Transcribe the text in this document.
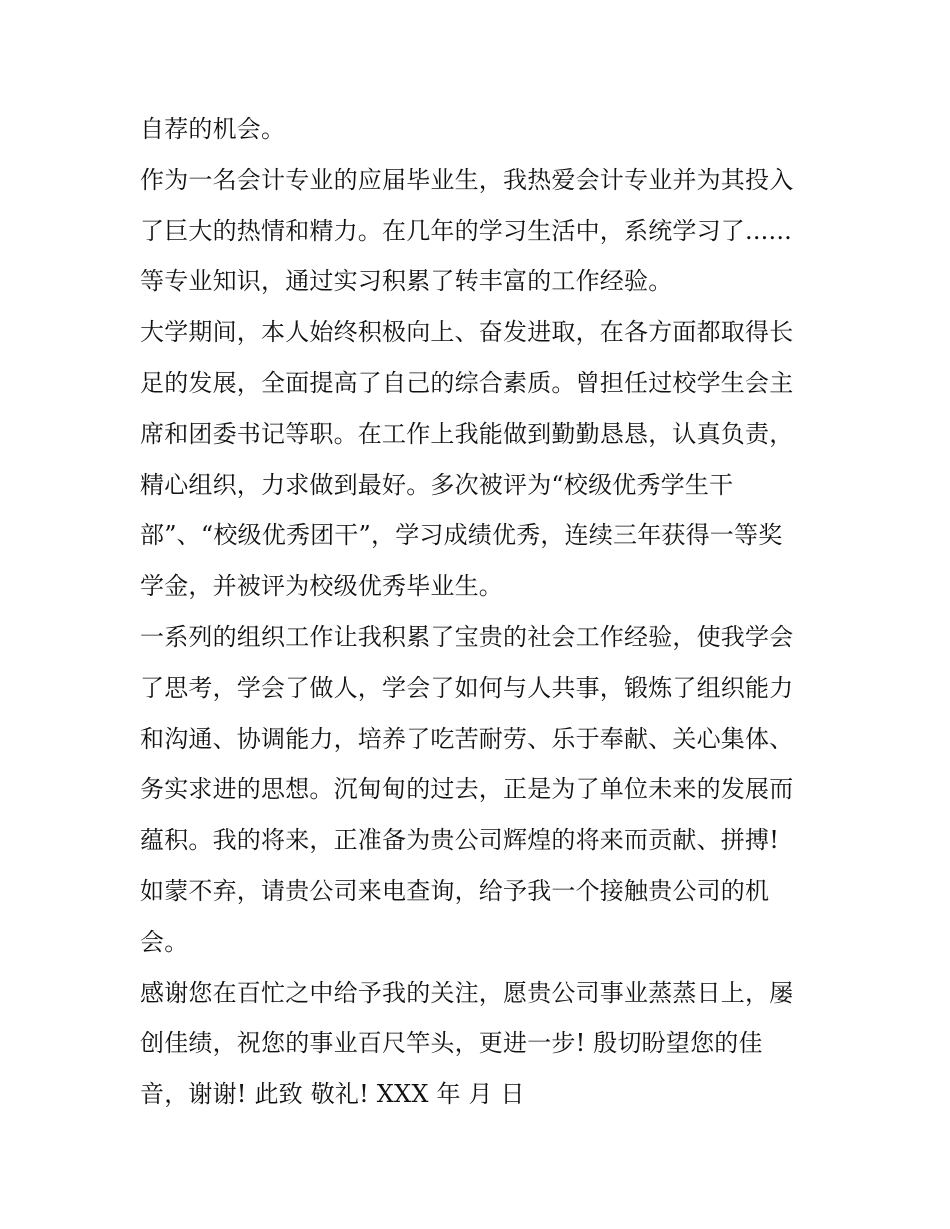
自荐的机会。
作为一名会计专业的应届毕业生，我热爱会计专业并为其投入
了巨大的热情和精力。在几年的学习生活中，系统学习了......
等专业知识，通过实习积累了转丰富的工作经验。
大学期间，本人始终积极向上、奋发进取，在各方面都取得长
足的发展，全面提高了自己的综合素质。曾担任过校学生会主
席和团委书记等职。在工作上我能做到勤勤恳恳，认真负责，
精心组织，力求做到最好。多次被评为“校级优秀学生干
部”、“校级优秀团干”，学习成绩优秀，连续三年获得一等奖
学金，并被评为校级优秀毕业生。
一系列的组织工作让我积累了宝贵的社会工作经验，使我学会
了思考，学会了做人，学会了如何与人共事，锻炼了组织能力
和沟通、协调能力，培养了吃苦耐劳、乐于奉献、关心集体、
务实求进的思想。沉甸甸的过去，正是为了单位未来的发展而
蕴积。我的将来，正准备为贵公司辉煌的将来而贡献、拼搏!
如蒙不弃，请贵公司来电查询，给予我一个接触贵公司的机
会。
感谢您在百忙之中给予我的关注，愿贵公司事业蒸蒸日上，屡
创佳绩，祝您的事业百尺竿头，更进一步! 殷切盼望您的佳
音，谢谢! 此致 敬礼! XXX 年 月 日
